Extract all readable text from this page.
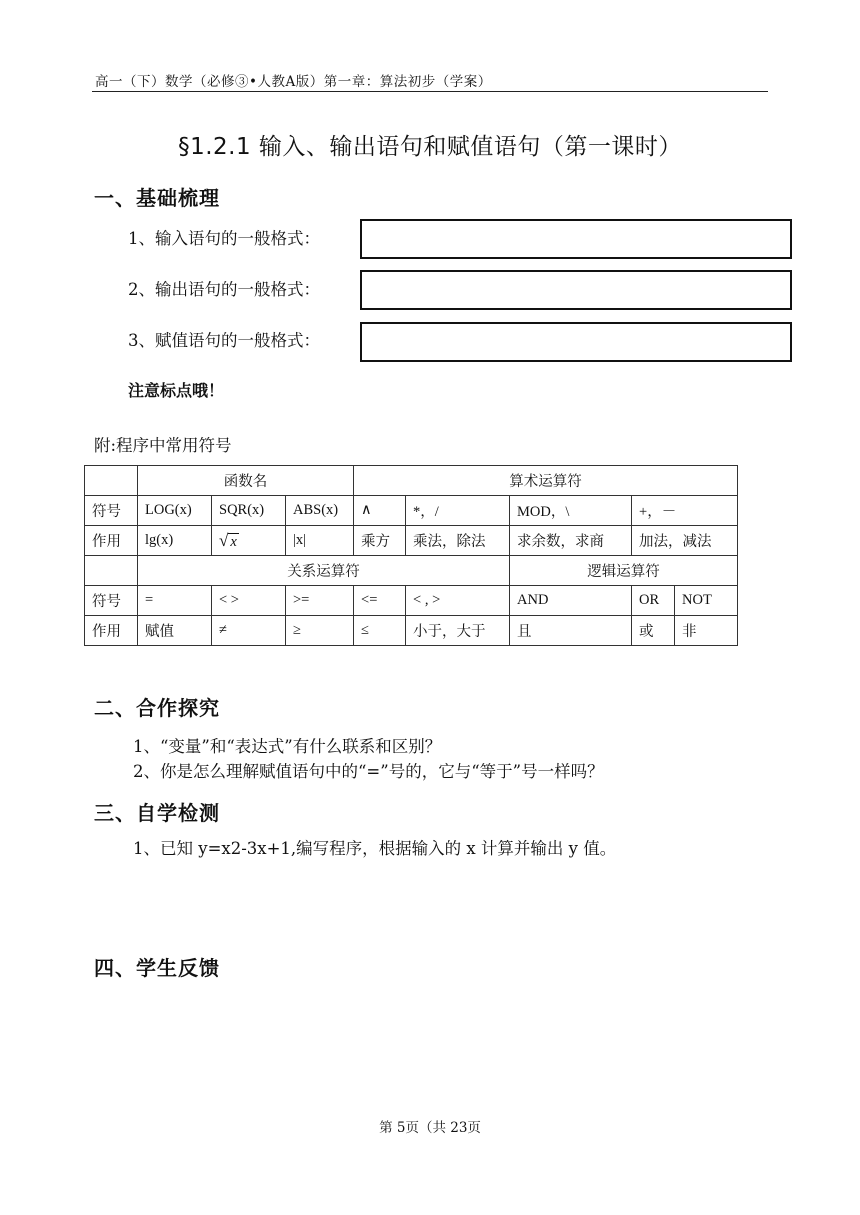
高一（下）数学（必修③•人教A版）第一章：算法初步（学案）
§1.2.1 输入、输出语句和赋值语句（第一课时）
一、基础梳理
1、输入语句的一般格式：
2、输出语句的一般格式：
3、赋值语句的一般格式：
注意标点哦！
附:程序中常用符号
	函数名			算术运算符				
符号	LOG(x)	SQR(x)	ABS(x)	∧	*，/	MOD，\	+，－	
作用	lg(x)	√ x	|x|	乘方	乘法，除法	求余数，求商	加法，减法	
	关系运算符					逻辑运算符		
符号	=	< >	>=	<=	< , >	AND	OR	NOT
作用	赋值	≠	≥	≤	小于，大于	且	或	非
二、合作探究
1、“变量”和“表达式”有什么联系和区别？
2、你是怎么理解赋值语句中的“=”号的，它与“等于”号一样吗？
三、自学检测
1、已知 y=x2-3x+1,编写程序，根据输入的 x 计算并输出 y 值。
四、学生反馈
第 5页（共 23页
